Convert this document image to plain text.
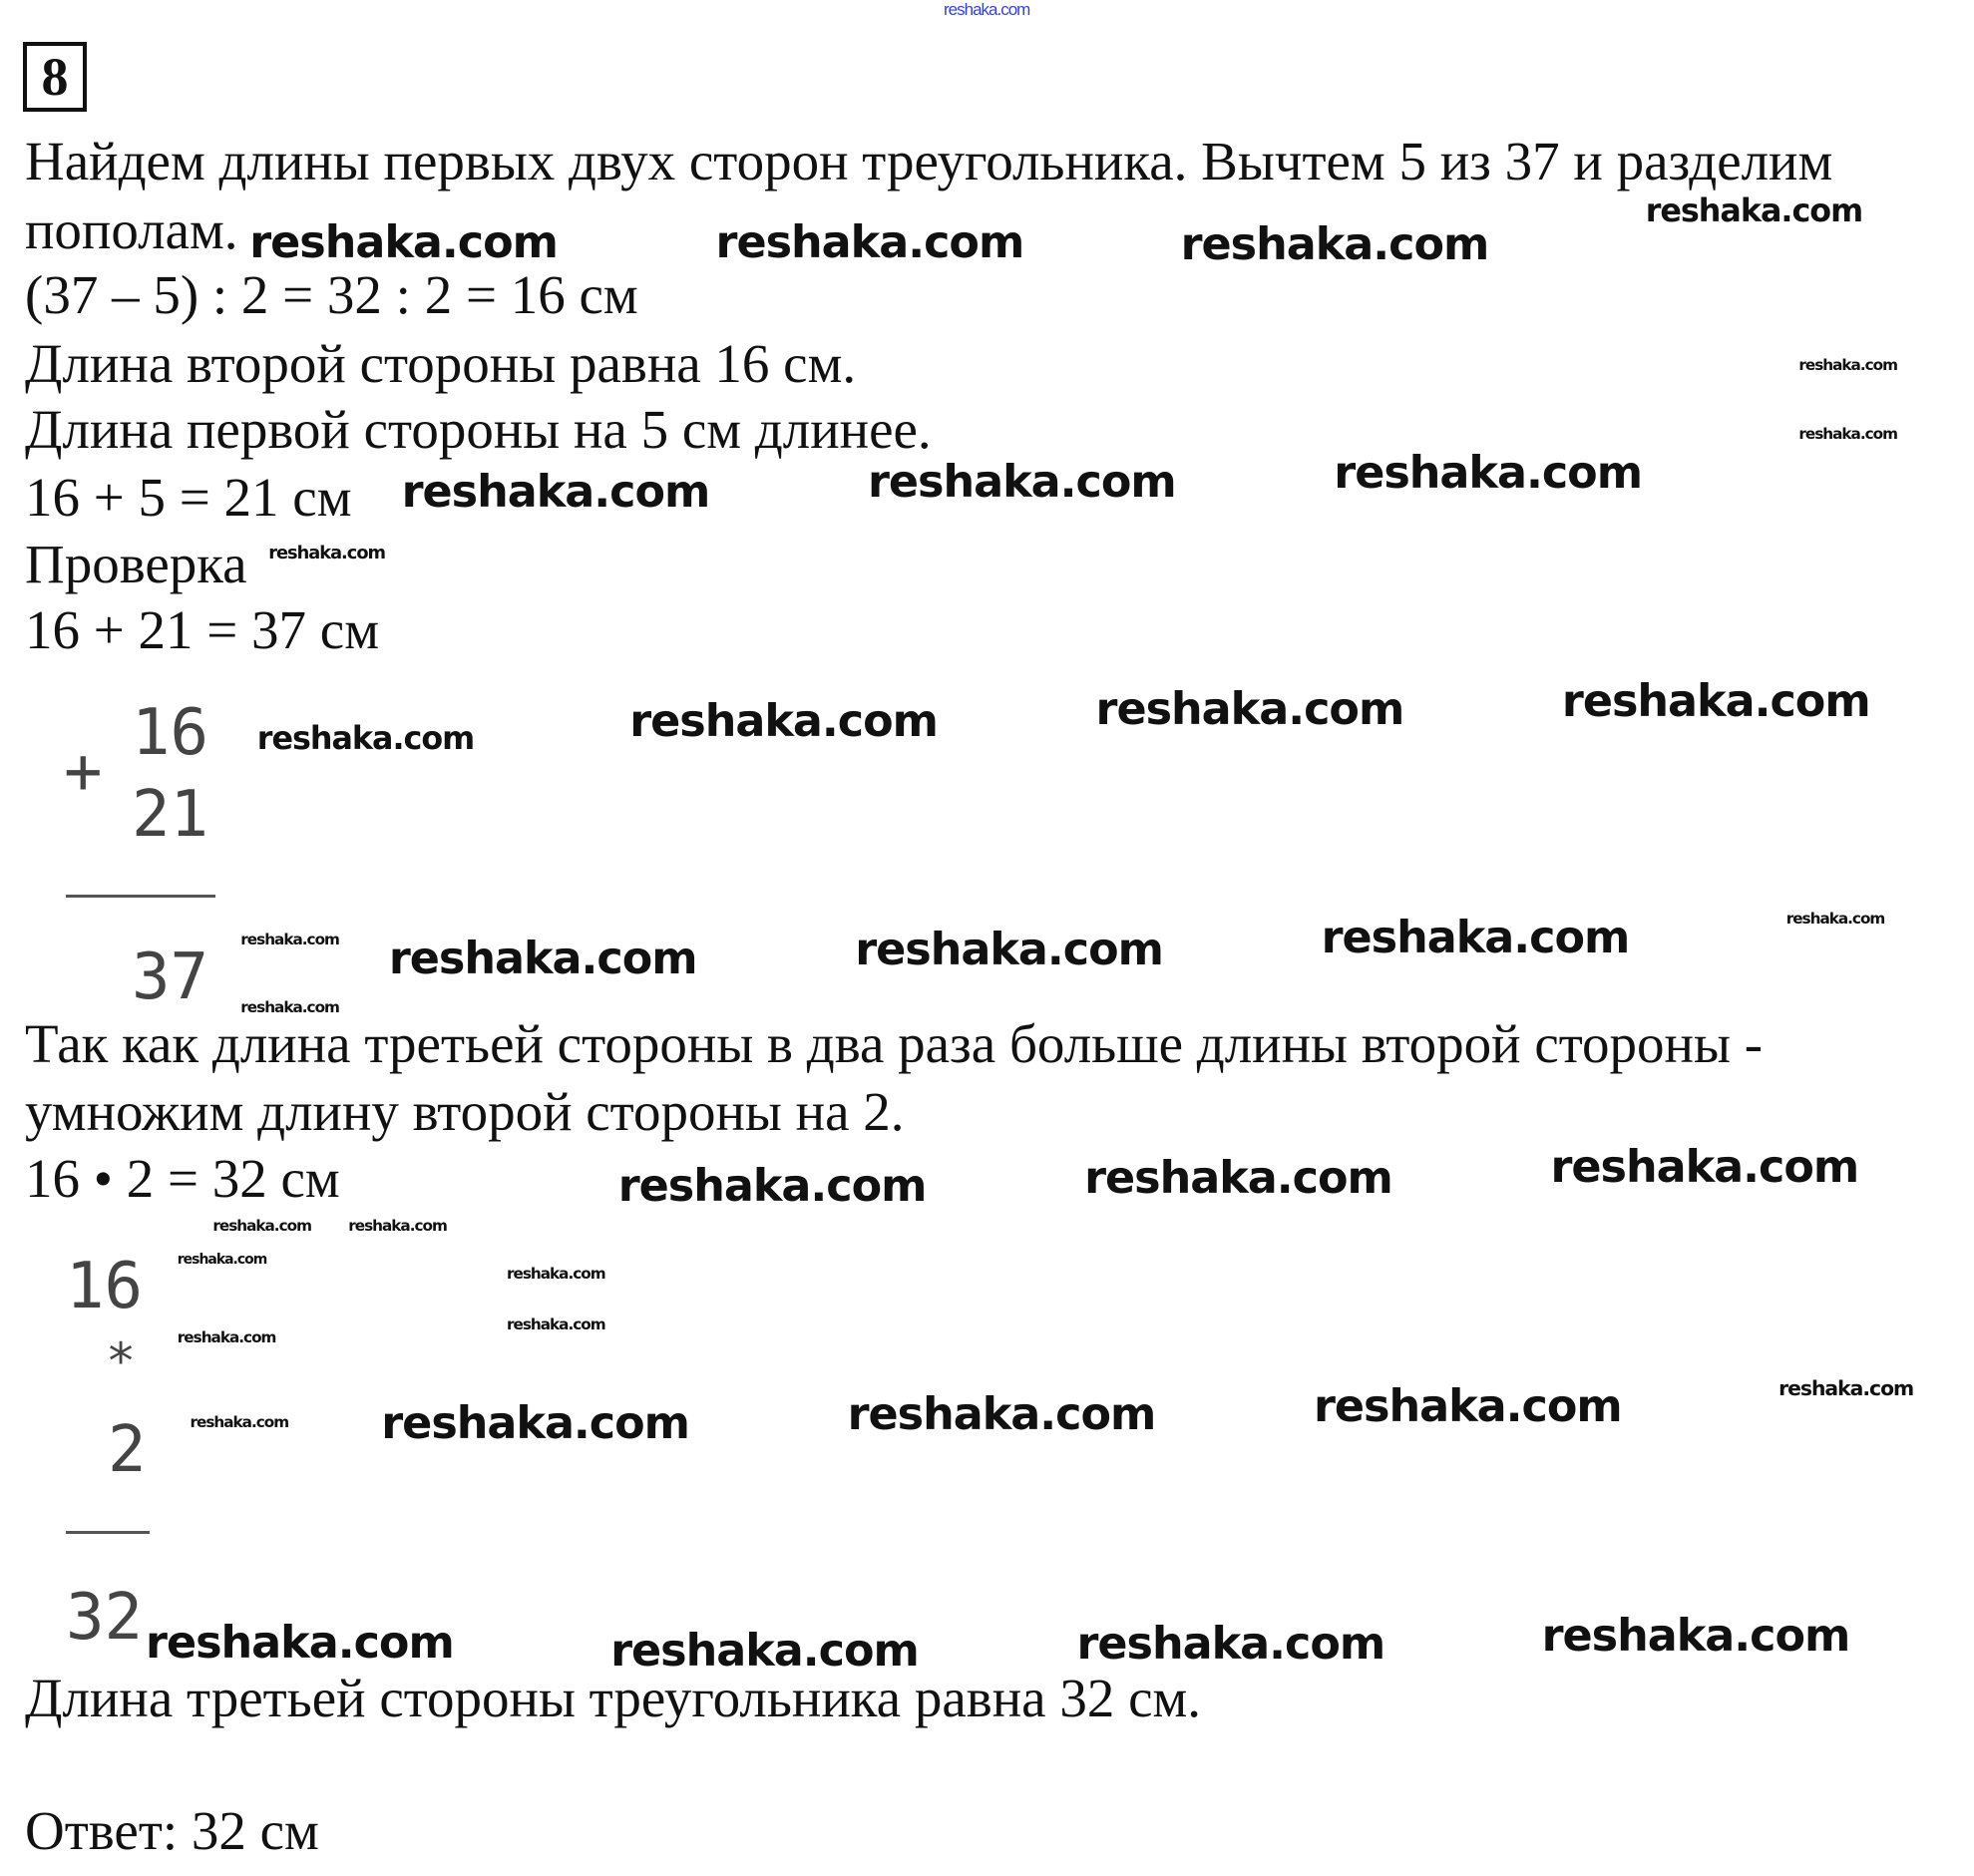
reshaka.com
8
Найдем длины первых двух сторон треугольника. Вычтем 5 из 37 и разделим
пополам.
(37 – 5) : 2 = 32 : 2 = 16 см
Длина второй стороны равна 16 см.
Длина первой стороны на 5 см длинее.
16 + 5 = 21 см
Проверка
16 + 21 = 37 см
16
+
21
37
Так как длина третьей стороны в два раза больше длины второй стороны -
умножим длину второй стороны на 2.
16 • 2 = 32 см
16
*
2
32
Длина третьей стороны треугольника равна 32 см.
Ответ: 32 см
reshaka.com	reshaka.com	reshaka.com
reshaka.com	reshaka.com	reshaka.com
reshaka.com	reshaka.com	reshaka.com
reshaka.com	reshaka.com	reshaka.com
reshaka.com	reshaka.com	reshaka.com
reshaka.com	reshaka.com	reshaka.com
reshaka.com	reshaka.com	reshaka.com	reshaka.com
reshaka.com
reshaka.com
reshaka.com
reshaka.com
reshaka.com
reshaka.com
reshaka.com
reshaka.com
reshaka.com reshaka.com
reshaka.com
reshaka.com
reshaka.com
reshaka.com
reshaka.com
reshaka.com
